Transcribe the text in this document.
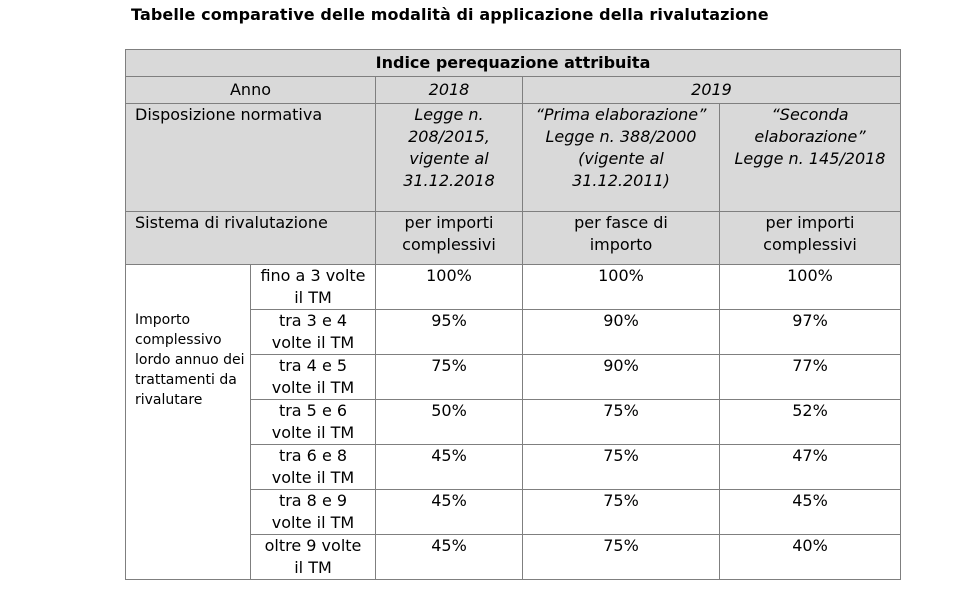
Tabelle comparative delle modalità di applicazione della rivalutazione
Indice perequazione attribuita				
Anno		2018	2019	
Disposizione normativa		Legge n. 208/2015, vigente al 31.12.2018	“Prima elaborazione” Legge n. 388/2000 (vigente al 31.12.2011)	“Seconda elaborazione” Legge n. 145/2018
Sistema di rivalutazione		per importi complessivi	per fasce di importo	per importi complessivi
Importo complessivo lordo annuo dei trattamenti da rivalutare	fino a 3 volte il TM	100%	100%	100%
	tra 3 e 4 volte il TM	95%	90%	97%
	tra 4 e 5 volte il TM	75%	90%	77%
	tra 5 e 6 volte il TM	50%	75%	52%
	tra 6 e 8 volte il TM	45%	75%	47%
	tra 8 e 9 volte il TM	45%	75%	45%
	oltre 9 volte il TM	45%	75%	40%
